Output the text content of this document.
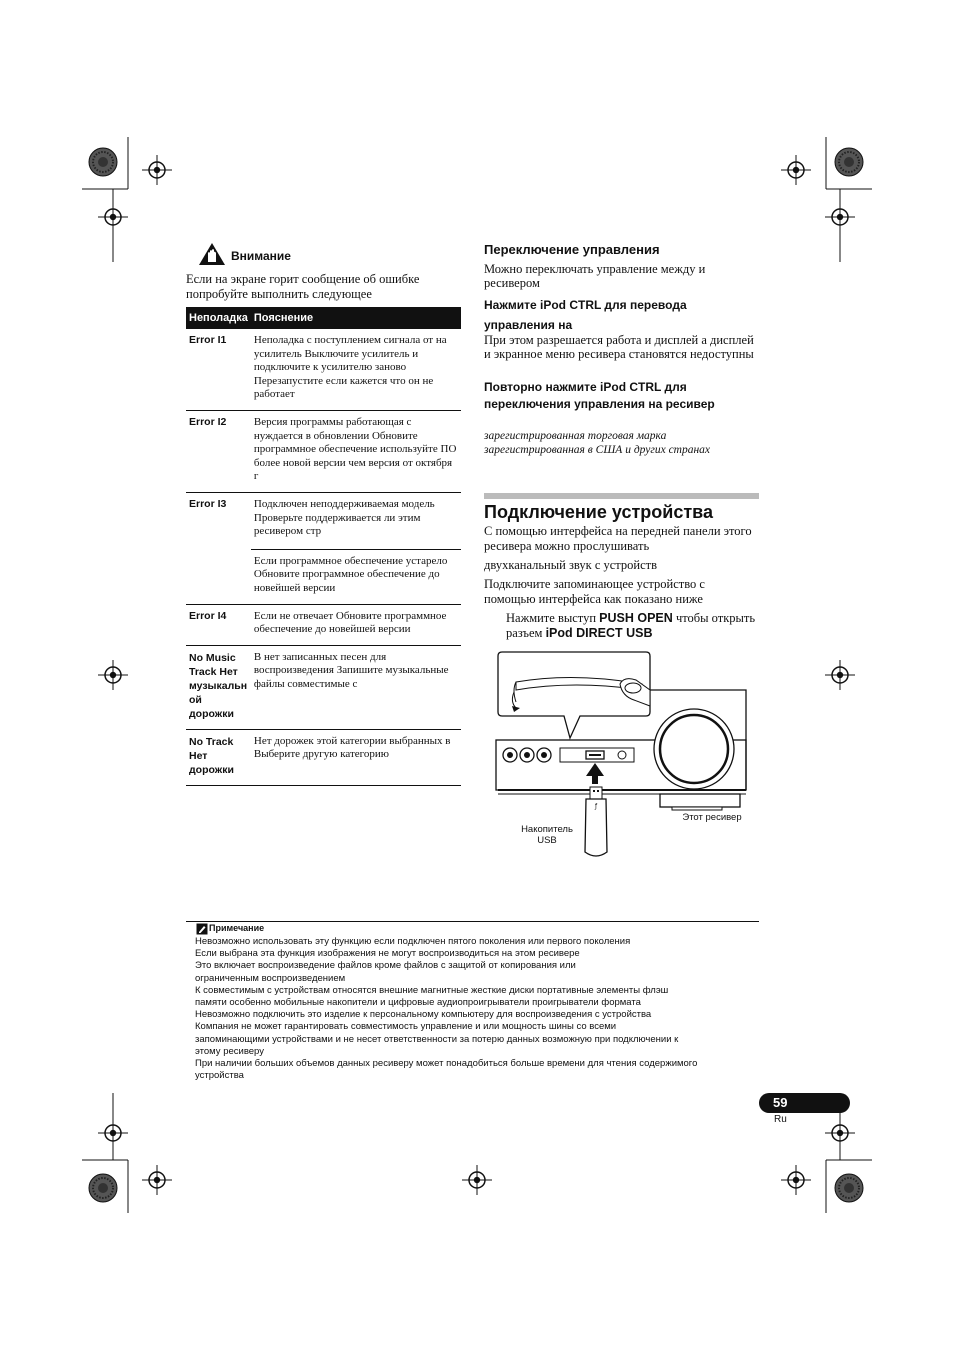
Внимание
Если на экране горит сообщение об ошибке попробуйте выполнить следующее
Неполадка	Пояснение
Error I1	Неполадка с поступлением сигнала от на усилитель Выключите усилитель и подключите к усилителю заново Перезапустите если кажется что он не работает
Error I2	Версия программы работающая с нуждается в обновлении Обновите программное обеспечение используйте ПО более новой версии чем версия от октября г
Error I3	Подключен неподдерживаемая модель Проверьте поддерживается ли этим ресивером стр
	Если программное обеспечение устарело Обновите программное обеспечение до новейшей версии
Error I4	Если не отвечает Обновите программное обеспечение до новейшей версии
No Music Track Нет музыкальн ой дорожки	В нет записанных песен для воспроизведения Запишите музыкальные файлы совместимые с
No Track Нет дорожки	Нет дорожек этой категории выбранных в Выберите другую категорию
Переключение управления
Можно переключать управление между и ресивером
Нажмите iPod CTRL для перевода управления на
При этом разрешается работа и дисплей а дисплей и экранное меню ресивера становятся недоступны
Повторно нажмите iPod CTRL для переключения управления на ресивер
зарегистрированная торговая марка зарегистрированная в США и других странах
Подключение устройства
С помощью интерфейса на передней панели этого ресивера можно прослушивать
двухканальный звук с устройств
Подключите запоминающее устройство с помощью интерфейса как показано ниже
Нажмите выступ PUSH OPEN чтобы открыть разъем iPod DIRECT USB
ƒ
Накопитель USB
Этот ресивер
Примечание
Невозможно использовать эту функцию если подключен пятого поколения или первого поколения
Если выбрана эта функция изображения не могут воспроизводиться на этом ресивере
Это включает воспроизведение файлов кроме файлов с защитой от копирования или
ограниченным воспроизведением
К совместимым с устройствам относятся внешние магнитные жесткие диски портативные элементы флэш
памяти особенно мобильные накопители и цифровые аудиопроигрыватели проигрыватели формата
Невозможно подключить это изделие к персональному компьютеру для воспроизведения с устройства
Компания не может гарантировать совместимость управление и или мощность шины со всеми
запоминающими устройствами и не несет ответственности за потерю данных возможную при подключении к
этому ресиверу
При наличии больших объемов данных ресиверу может понадобиться больше времени для чтения содержимого
устройства
59
Ru
